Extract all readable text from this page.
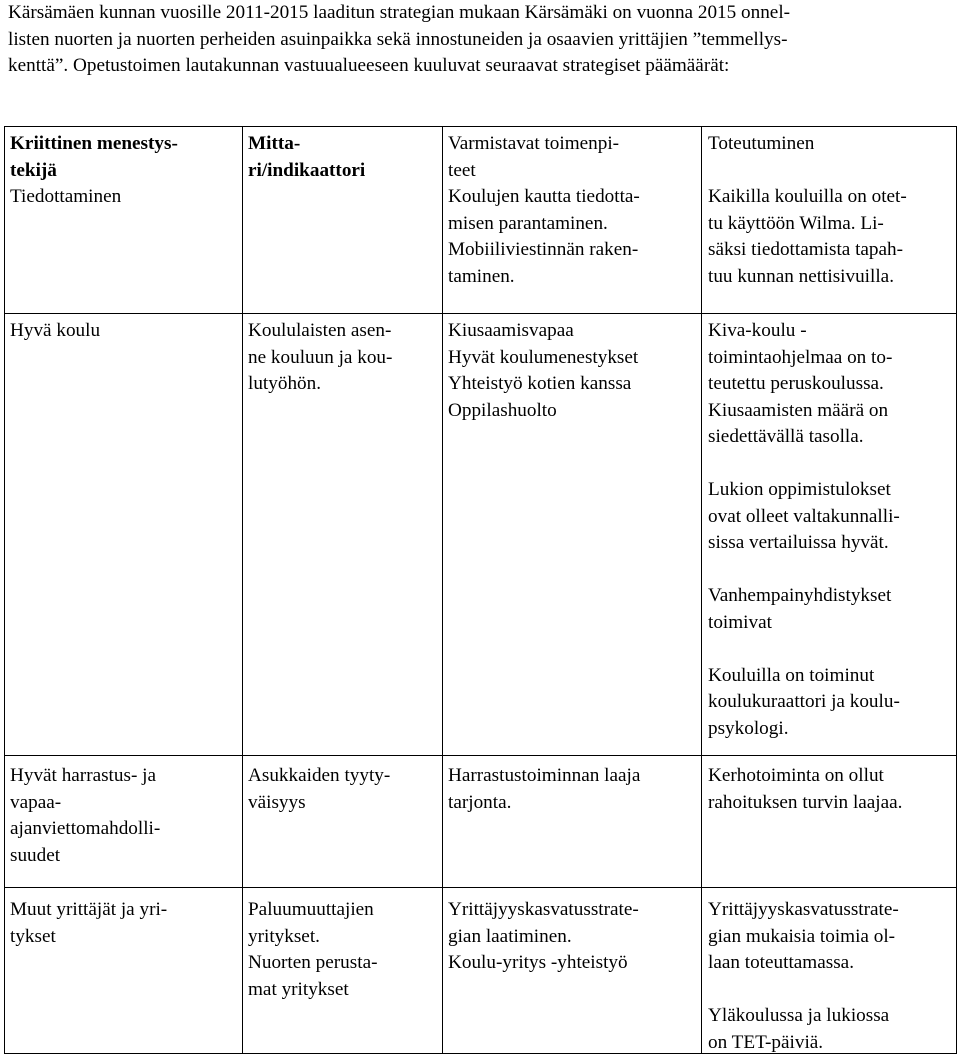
Kärsämäen kunnan vuosille 2011-2015 laaditun strategian mukaan Kärsämäki on vuonna 2015 onnel-
listen nuorten ja nuorten perheiden asuinpaikka sekä innostuneiden ja osaavien yrittäjien ”temmellys-
kenttä”. Opetustoimen lautakunnan vastuualueeseen kuuluvat seuraavat strategiset päämäärät:
Kriittinen menestys-
tekijä
Mitta-
ri/indikaattori
Varmistavat toimenpi-
teet
Toteutuminen
Tiedottaminen	Koulujen kautta tiedotta-
misen parantaminen.
Mobiiliviestinnän raken-
taminen.
Kaikilla kouluilla on otet-
tu käyttöön Wilma. Li-
säksi tiedottamista tapah-
tuu kunnan nettisivuilla.
Hyvä koulu	Koululaisten asen-
ne kouluun ja kou-
lutyöhön.
Kiusaamisvapaa
Hyvät koulumenestykset
Yhteistyö kotien kanssa
Oppilashuolto
Kiva-koulu -
toimintaohjelmaa on to-
teutettu peruskoulussa.
Kiusaamisten määrä on
siedettävällä tasolla.

Lukion oppimistulokset
ovat olleet valtakunnalli-
sissa vertailuissa hyvät.

Vanhempainyhdistykset
toimivat

Kouluilla on toiminut
koulukuraattori ja koulu-
psykologi.
Hyvät harrastus- ja
vapaa-
ajanviettomahdolli-
suudet
Asukkaiden tyyty-
väisyys
Harrastustoiminnan laaja
tarjonta.
Kerhotoiminta on ollut
rahoituksen turvin laajaa.
Muut yrittäjät ja yri-
tykset
Paluumuuttajien
yritykset.
Nuorten perusta-
mat yritykset
Yrittäjyyskasvatusstrate-
gian laatiminen.
Koulu-yritys -yhteistyö
Yrittäjyyskasvatusstrate-
gian mukaisia toimia ol-
laan toteuttamassa.

Yläkoulussa ja lukiossa
on TET-päiviä.
